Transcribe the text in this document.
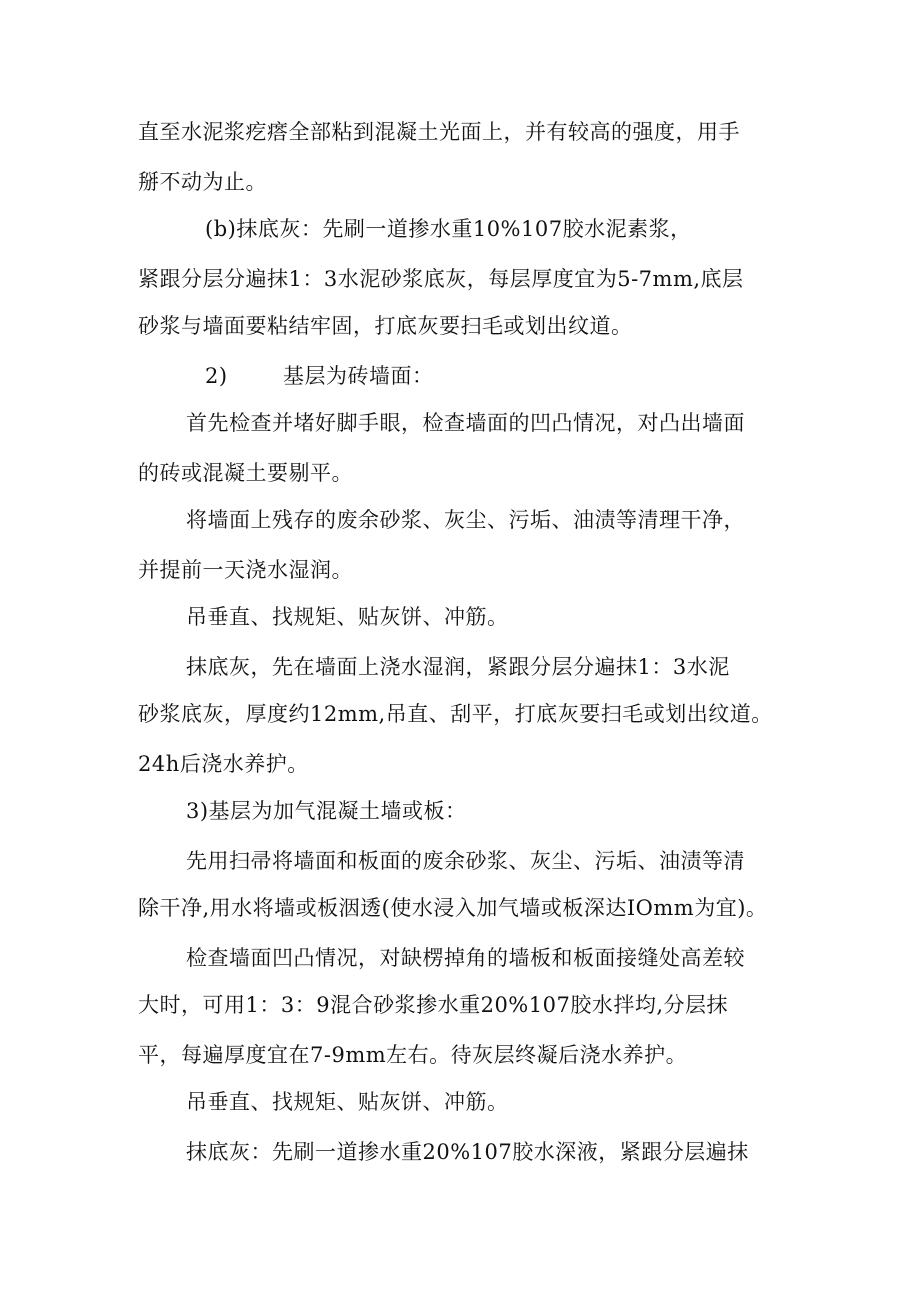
直至水泥浆疙瘩全部粘到混凝土光面上，并有较高的强度，用手
掰不动为止。
(b)抹底灰：先刷一道掺水重10%107胶水泥素浆，
紧跟分层分遍抹1：3水泥砂浆底灰，每层厚度宜为5-7mm,底层
砂浆与墙面要粘结牢固，打底灰要扫毛或划出纹道。
2)	基层为砖墙面：
首先检查并堵好脚手眼，检查墙面的凹凸情况，对凸出墙面
的砖或混凝土要剔平。
将墙面上残存的废余砂浆、灰尘、污垢、油渍等清理干净，
并提前一天浇水湿润。
吊垂直、找规矩、贴灰饼、冲筋。
抹底灰，先在墙面上浇水湿润，紧跟分层分遍抹1：3水泥
砂浆底灰，厚度约12mm,吊直、刮平，打底灰要扫毛或划出纹道。
24h后浇水养护。
3)基层为加气混凝土墙或板：
先用扫帚将墙面和板面的废余砂浆、灰尘、污垢、油渍等清
除干净,用水将墙或板洇透(使水浸入加气墙或板深达IOmm为宜)。
检查墙面凹凸情况，对缺楞掉角的墙板和板面接缝处高差较
大时，可用1：3：9混合砂浆掺水重20%107胶水拌均,分层抹
平，每遍厚度宜在7-9mm左右。待灰层终凝后浇水养护。
吊垂直、找规矩、贴灰饼、冲筋。
抹底灰：先刷一道掺水重20%107胶水深液，紧跟分层遍抹
